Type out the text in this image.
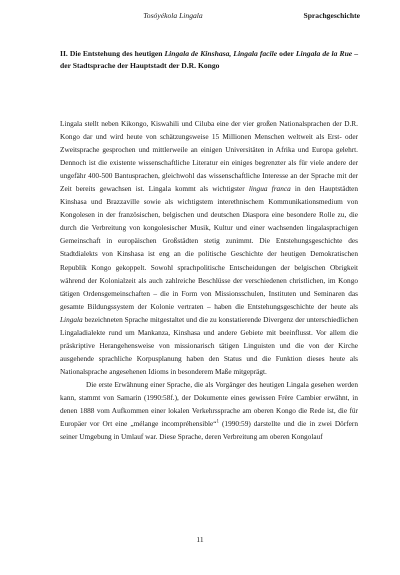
Tosóyékola Lingala	Sprachgeschichte
II. Die Entstehung des heutigen Lingala de Kinshasa, Lingala facile oder Lingala de la Rue – der Stadtsprache der Hauptstadt der D.R. Kongo

Lingala stellt neben Kikongo, Kiswahili und Ciluba eine der vier großen Nationalsprachen der D.R. Kongo dar und wird heute von schätzungsweise 15 Millionen Menschen weltweit als Erst- oder Zweitsprache gesprochen und mittlerweile an einigen Universitäten in Afrika und Europa gelehrt. Dennoch ist die existente wissenschaftliche Literatur ein einiges begrenzter als für viele andere der ungefähr 400-500 Bantusprachen, gleichwohl das wissenschaftliche Interesse an der Sprache mit der Zeit bereits gewachsen ist. Lingala kommt als wichtigster lingua franca in den Hauptstädten Kinshasa und Brazzaville sowie als wichtigstem interethnischem Kommunikationsmedium von Kongolesen in der französischen, belgischen und deutschen Diaspora eine besondere Rolle zu, die durch die Verbreitung von kongolesischer Musik, Kultur und einer wachsenden lingalasprachigen Gemeinschaft in europäischen Großstädten stetig zunimmt. Die Entstehungsgeschichte des Stadtdialekts von Kinshasa ist eng an die politische Geschichte der heutigen Demokratischen Republik Kongo gekoppelt. Sowohl sprachpolitische Entscheidungen der belgischen Obrigkeit während der Kolonialzeit als auch zahlreiche Beschlüsse der verschiedenen christlichen, im Kongo tätigen Ordensgemeinschaften – die in Form von Missionsschulen, Instituten und Seminaren das gesamte Bildungssystem der Kolonie vertraten – haben die Entstehungsgeschichte der heute als Lingala bezeichneten Sprache mitgestaltet und die zu konstatierende Divergenz der unterschiedlichen Lingaladialekte rund um Mankanza, Kinshasa und andere Gebiete mit beeinflusst. Vor allem die präskriptive Herangehensweise von missionarisch tätigen Linguisten und die von der Kirche ausgehende sprachliche Korpusplanung haben den Status und die Funktion dieses heute als Nationalsprache angesehenen Idioms in besonderem Maße mitgeprägt.

Die erste Erwähnung einer Sprache, die als Vorgänger des heutigen Lingala gesehen werden kann, stammt von Samarin (1990:58f.), der Dokumente eines gewissen Frère Cambier erwähnt, in denen 1888 vom Aufkommen einer lokalen Verkehrssprache am oberen Kongo die Rede ist, die für Europäer vor Ort eine „mélange incompréhensible“$^1$ (1990:59) darstellte und die in zwei Dörfern seiner Umgebung in Umlauf war. Diese Sprache, deren Verbreitung am oberen Kongolauf

11
